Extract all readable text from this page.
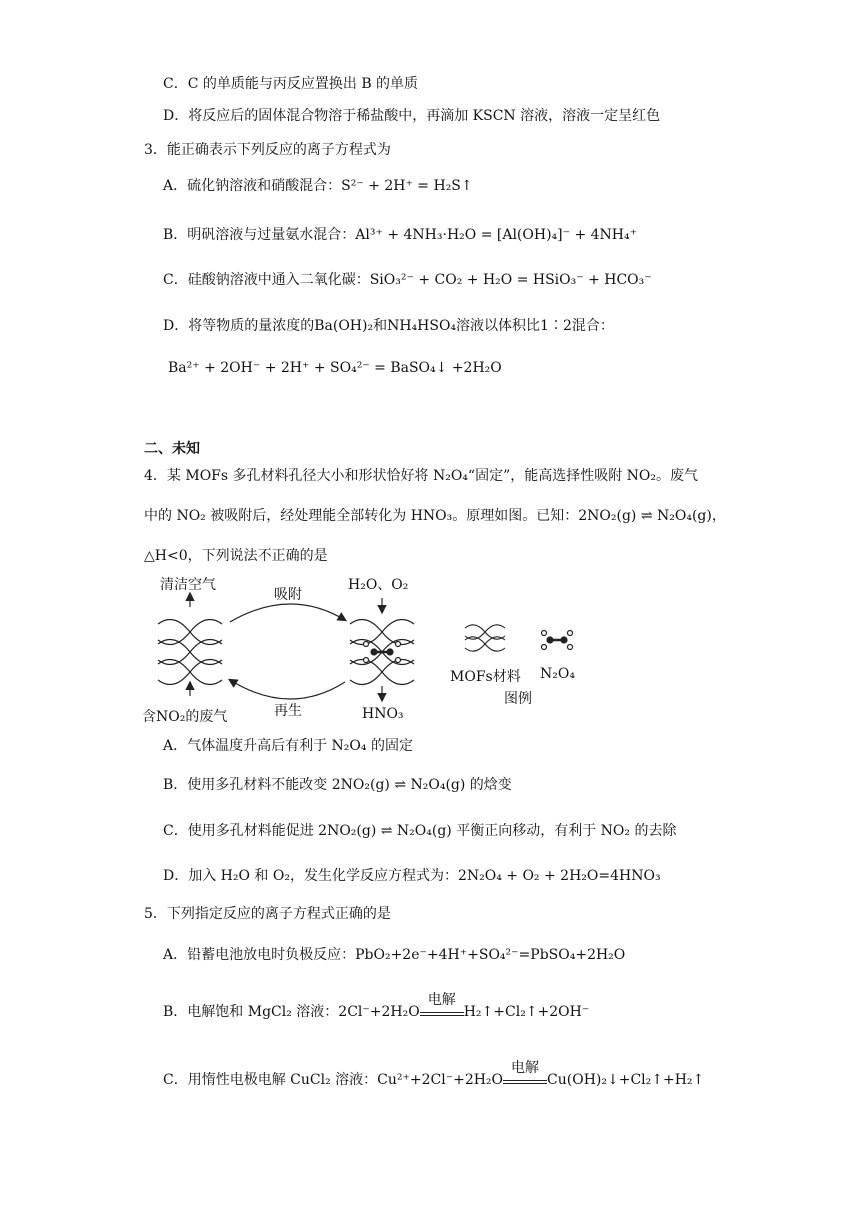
C．C 的单质能与丙反应置换出 B 的单质
D．将反应后的固体混合物溶于稀盐酸中，再滴加 KSCN 溶液，溶液一定呈红色
3．能正确表示下列反应的离子方程式为
A．硫化钠溶液和硝酸混合：S²⁻ + 2H⁺ = H₂S↑
B．明矾溶液与过量氨水混合：Al³⁺ + 4NH₃·H₂O = [Al(OH)₄]⁻ + 4NH₄⁺
C．硅酸钠溶液中通入二氧化碳：SiO₃²⁻ + CO₂ + H₂O = HSiO₃⁻ + HCO₃⁻
D．将等物质的量浓度的Ba(OH)₂和NH₄HSO₄溶液以体积比1∶2混合：
Ba²⁺ + 2OH⁻ + 2H⁺ + SO₄²⁻ = BaSO₄↓ +2H₂O
二、未知
4．某 MOFs 多孔材料孔径大小和形状恰好将 N₂O₄“固定”，能高选择性吸附 NO₂。废气
中的 NO₂ 被吸附后，经处理能全部转化为 HNO₃。原理如图。已知：2NO₂(g) ⇌ N₂O₄(g)，
△H<0，下列说法不正确的是
清洁空气
含NO₂的废气
吸附
再生
H₂O、O₂
HNO₃
MOFs材料 N₂O₄
图例
A．气体温度升高后有利于 N₂O₄ 的固定
B．使用多孔材料不能改变 2NO₂(g) ⇌ N₂O₄(g) 的焓变
C．使用多孔材料能促进 2NO₂(g) ⇌ N₂O₄(g) 平衡正向移动，有利于 NO₂ 的去除
D．加入 H₂O 和 O₂，发生化学反应方程式为：2N₂O₄ + O₂ + 2H₂O=4HNO₃
5．下列指定反应的离子方程式正确的是
A．铅蓄电池放电时负极反应：PbO₂+2e⁻+4H⁺+SO₄²⁻=PbSO₄+2H₂O
B．电解饱和 MgCl₂ 溶液：2Cl⁻+2H₂O
电解
H₂↑+Cl₂↑+2OH⁻
C．用惰性电极电解 CuCl₂ 溶液：Cu²⁺+2Cl⁻+2H₂O
电解
Cu(OH)₂↓+Cl₂↑+H₂↑
